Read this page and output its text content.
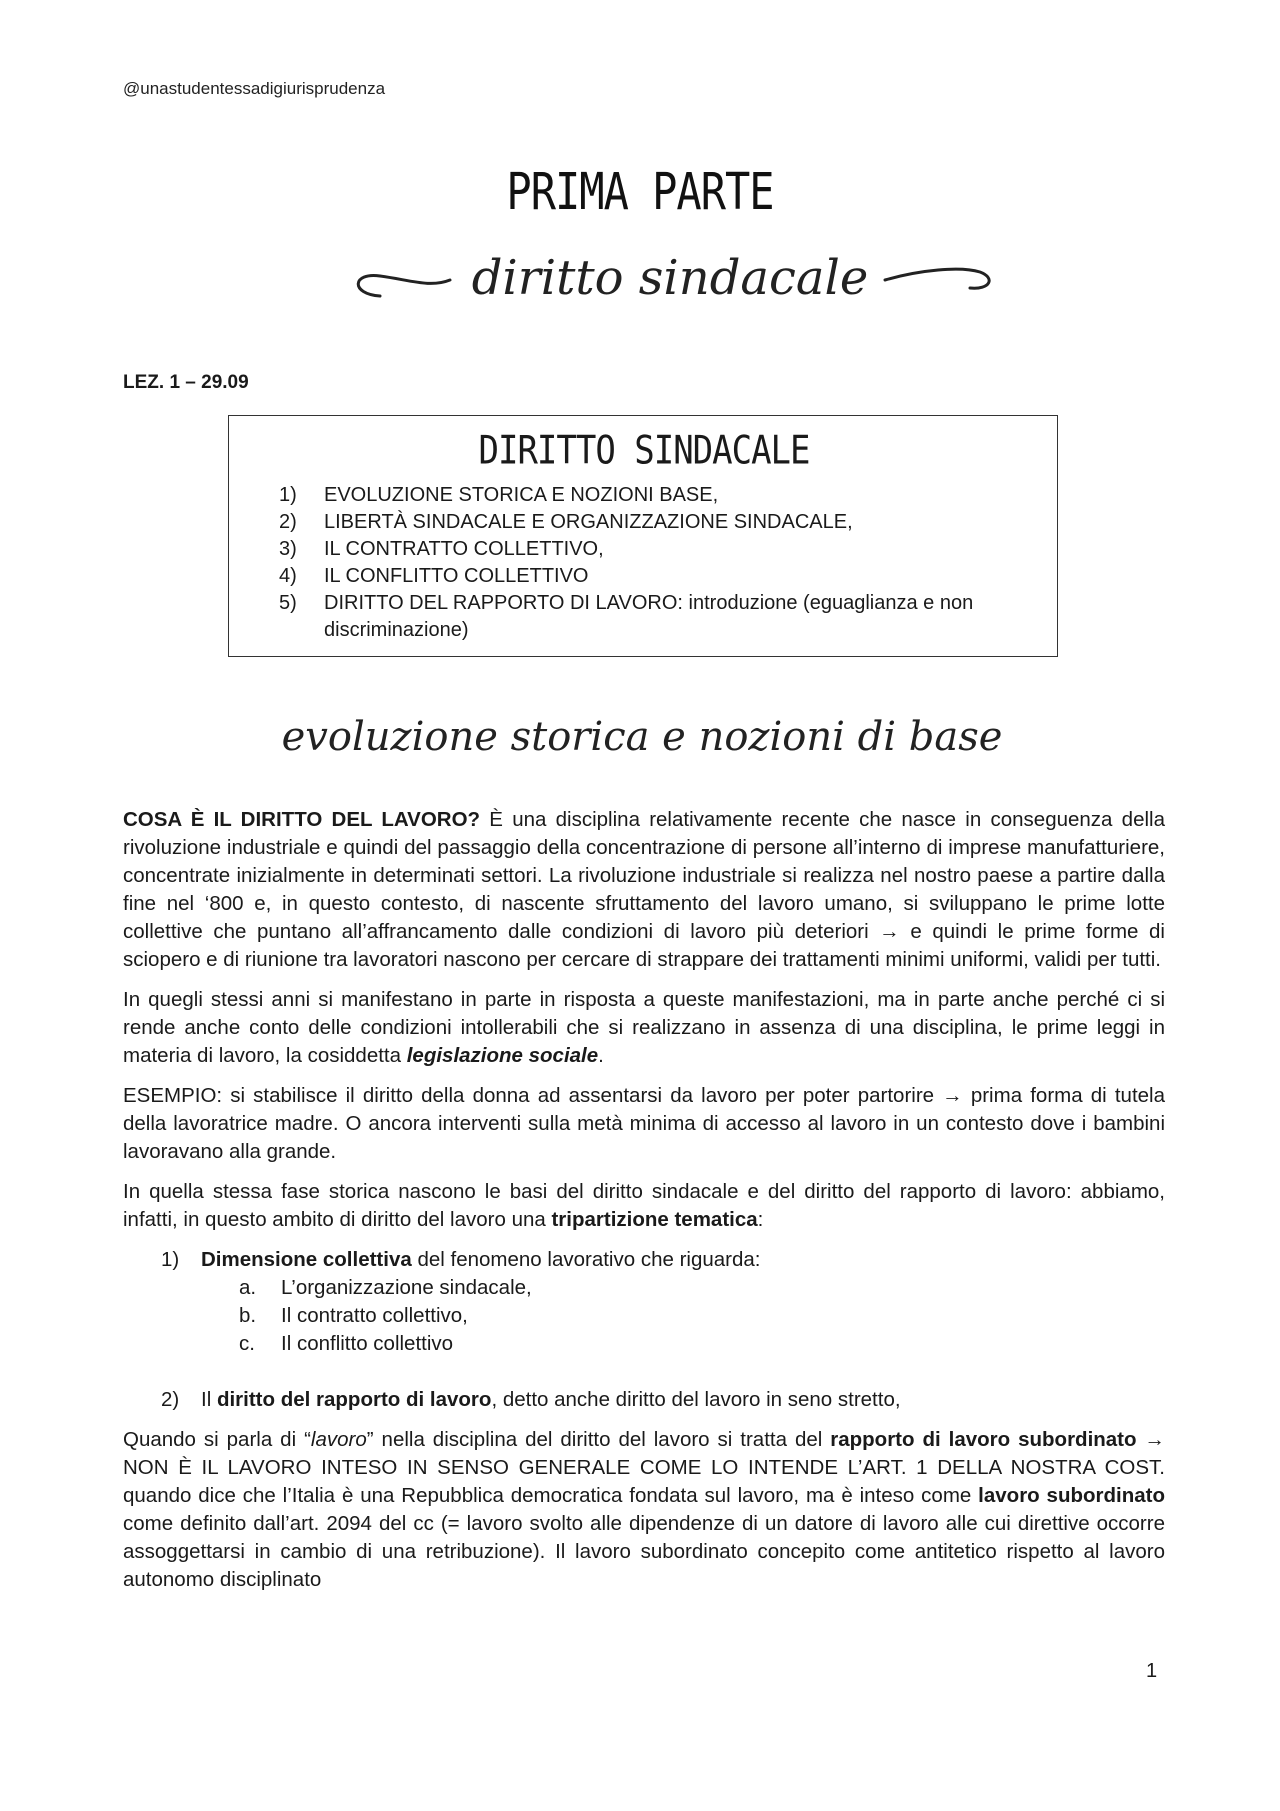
@unastudentessadigiurisprudenza
PRIMA PARTE
diritto sindacale
LEZ. 1 – 29.09
DIRITTO SINDACALE
1) EVOLUZIONE STORICA E NOZIONI BASE,
2) LIBERTÀ SINDACALE E ORGANIZZAZIONE SINDACALE,
3) IL CONTRATTO COLLETTIVO,
4) IL CONFLITTO COLLETTIVO
5) DIRITTO DEL RAPPORTO DI LAVORO: introduzione (eguaglianza e non discriminazione)
evoluzione storica e nozioni di base

COSA È IL DIRITTO DEL LAVORO? È una disciplina relativamente recente che nasce in conseguenza della rivoluzione industriale e quindi del passaggio della concentrazione di persone all’interno di imprese manufatturiere, concentrate inizialmente in determinati settori. La rivoluzione industriale si realizza nel nostro paese a partire dalla fine nel ‘800 e, in questo contesto, di nascente sfruttamento del lavoro umano, si sviluppano le prime lotte collettive che puntano all’affrancamento dalle condizioni di lavoro più deteriori → e quindi le prime forme di sciopero e di riunione tra lavoratori nascono per cercare di strappare dei trattamenti minimi uniformi, validi per tutti.

In quegli stessi anni si manifestano in parte in risposta a queste manifestazioni, ma in parte anche perché ci si rende anche conto delle condizioni intollerabili che si realizzano in assenza di una disciplina, le prime leggi in materia di lavoro, la cosiddetta legislazione sociale.

ESEMPIO: si stabilisce il diritto della donna ad assentarsi da lavoro per poter partorire → prima forma di tutela della lavoratrice madre. O ancora interventi sulla metà minima di accesso al lavoro in un contesto dove i bambini lavoravano alla grande.

In quella stessa fase storica nascono le basi del diritto sindacale e del diritto del rapporto di lavoro: abbiamo, infatti, in questo ambito di diritto del lavoro una tripartizione tematica:

1) Dimensione collettiva del fenomeno lavorativo che riguarda:
a. L’organizzazione sindacale,
b. Il contratto collettivo,
c. Il conflitto collettivo
2) Il diritto del rapporto di lavoro, detto anche diritto del lavoro in seno stretto,

Quando si parla di “lavoro” nella disciplina del diritto del lavoro si tratta del rapporto di lavoro subordinato → NON È IL LAVORO INTESO IN SENSO GENERALE COME LO INTENDE L’ART. 1 DELLA NOSTRA COST. quando dice che l’Italia è una Repubblica democratica fondata sul lavoro, ma è inteso come lavoro subordinato come definito dall’art. 2094 del cc (= lavoro svolto alle dipendenze di un datore di lavoro alle cui direttive occorre assoggettarsi in cambio di una retribuzione). Il lavoro subordinato concepito come antitetico rispetto al lavoro autonomo disciplinato

1
